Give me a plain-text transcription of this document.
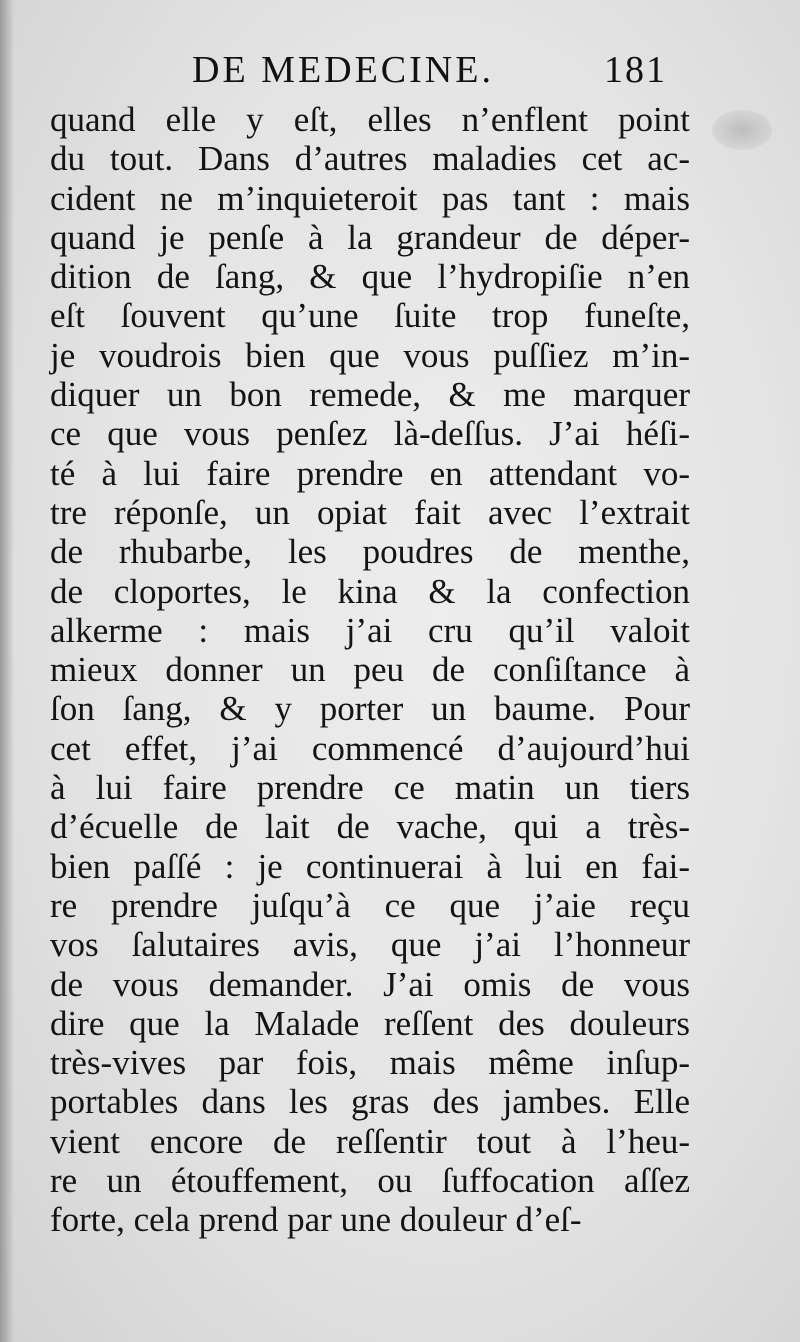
DE MEDECINE.	181
quand elle y eſt, elles n’enflent point
du tout. Dans d’autres maladies cet ac-
cident ne m’inquieteroit pas tant : mais
quand je penſe à la grandeur de déper-
dition de ſang, & que l’hydropiſie n’en
eſt ſouvent qu’une ſuite trop funeſte,
je voudrois bien que vous puſſiez m’in-
diquer un bon remede, & me marquer
ce que vous penſez là-deſſus. J’ai héſi-
té à lui faire prendre en attendant vo-
tre réponſe, un opiat fait avec l’extrait
de rhubarbe, les poudres de menthe,
de cloportes, le kina & la confection
alkerme : mais j’ai cru qu’il valoit
mieux donner un peu de conſiſtance à
ſon ſang, & y porter un baume. Pour
cet effet, j’ai commencé d’aujourd’hui
à lui faire prendre ce matin un tiers
d’écuelle de lait de vache, qui a très-
bien paſſé : je continuerai à lui en fai-
re prendre juſqu’à ce que j’aie reçu
vos ſalutaires avis, que j’ai l’honneur
de vous demander. J’ai omis de vous
dire que la Malade reſſent des douleurs
très-vives par fois, mais même inſup-
portables dans les gras des jambes. Elle
vient encore de reſſentir tout à l’heu-
re un étouffement, ou ſuffocation aſſez
forte, cela prend par une douleur d’eſ-
